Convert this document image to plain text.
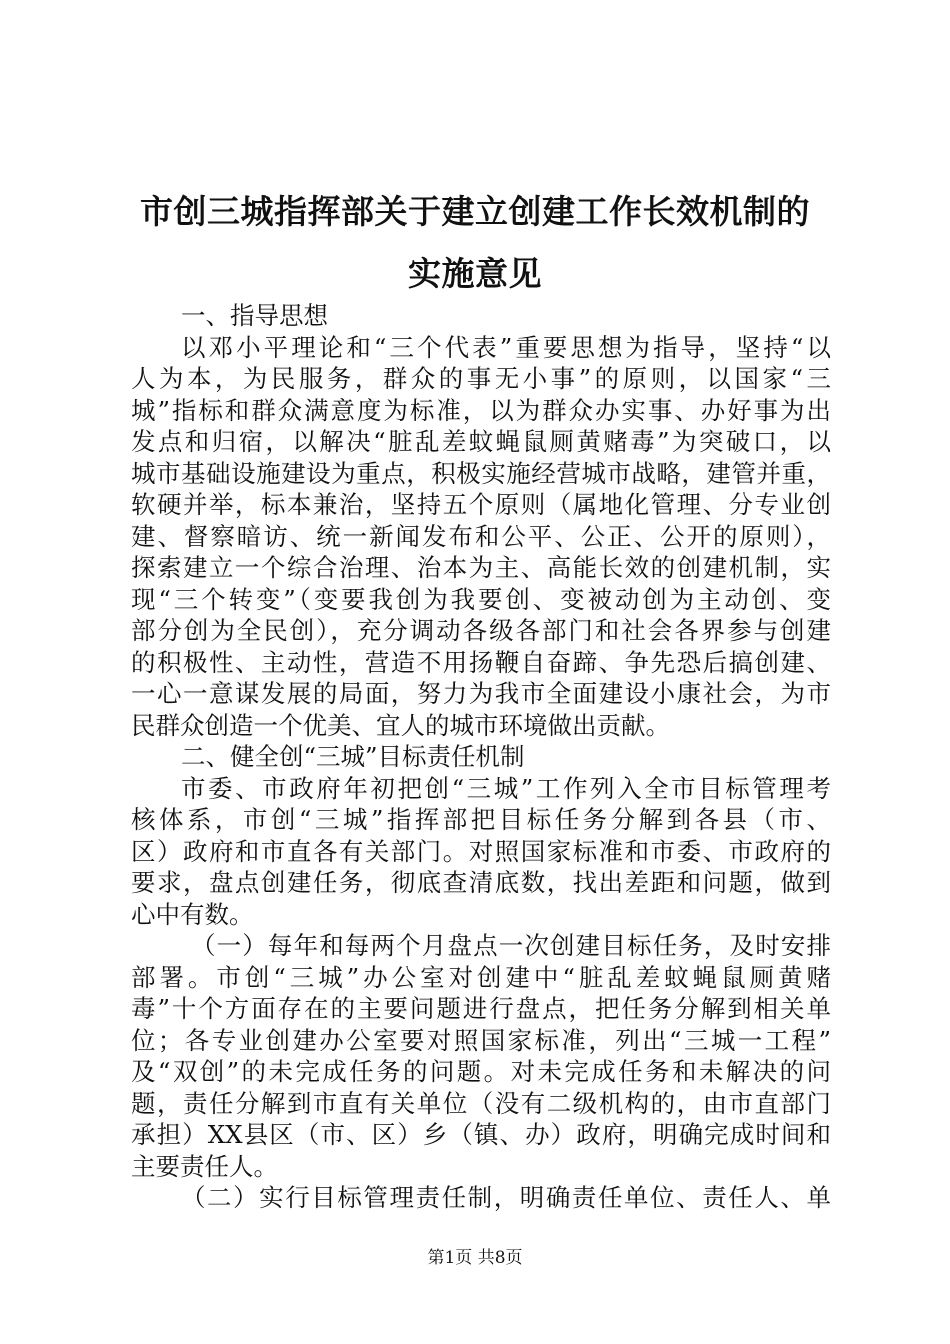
市创三城指挥部关于建立创建工作长效机制的
实施意见
一、指导思想
以邓小平理论和“三个代表”重要思想为指导，坚持“以
人为本，为民服务，群众的事无小事”的原则，以国家“三
城”指标和群众满意度为标准，以为群众办实事、办好事为出
发点和归宿，以解决“脏乱差蚊蝇鼠厕黄赌毒”为突破口，以
城市基础设施建设为重点，积极实施经营城市战略，建管并重，
软硬并举，标本兼治，坚持五个原则（属地化管理、分专业创
建、督察暗访、统一新闻发布和公平、公正、公开的原则），
探索建立一个综合治理、治本为主、高能长效的创建机制，实
现“三个转变”（变要我创为我要创、变被动创为主动创、变
部分创为全民创），充分调动各级各部门和社会各界参与创建
的积极性、主动性，营造不用扬鞭自奋蹄、争先恐后搞创建、
一心一意谋发展的局面，努力为我市全面建设小康社会，为市
民群众创造一个优美、宜人的城市环境做出贡献。
二、健全创“三城”目标责任机制
市委、市政府年初把创“三城”工作列入全市目标管理考
核体系，市创“三城”指挥部把目标任务分解到各县（市、
区）政府和市直各有关部门。对照国家标准和市委、市政府的
要求，盘点创建任务，彻底查清底数，找出差距和问题，做到
心中有数。
（一）每年和每两个月盘点一次创建目标任务，及时安排
部署。市创“三城”办公室对创建中“脏乱差蚊蝇鼠厕黄赌
毒”十个方面存在的主要问题进行盘点，把任务分解到相关单
位；各专业创建办公室要对照国家标准，列出“三城一工程”
及“双创”的未完成任务的问题。对未完成任务和未解决的问
题，责任分解到市直有关单位（没有二级机构的，由市直部门
承担）XX县区（市、区）乡（镇、办）政府，明确完成时间和
主要责任人。
（二）实行目标管理责任制，明确责任单位、责任人、单
第1页 共8页
